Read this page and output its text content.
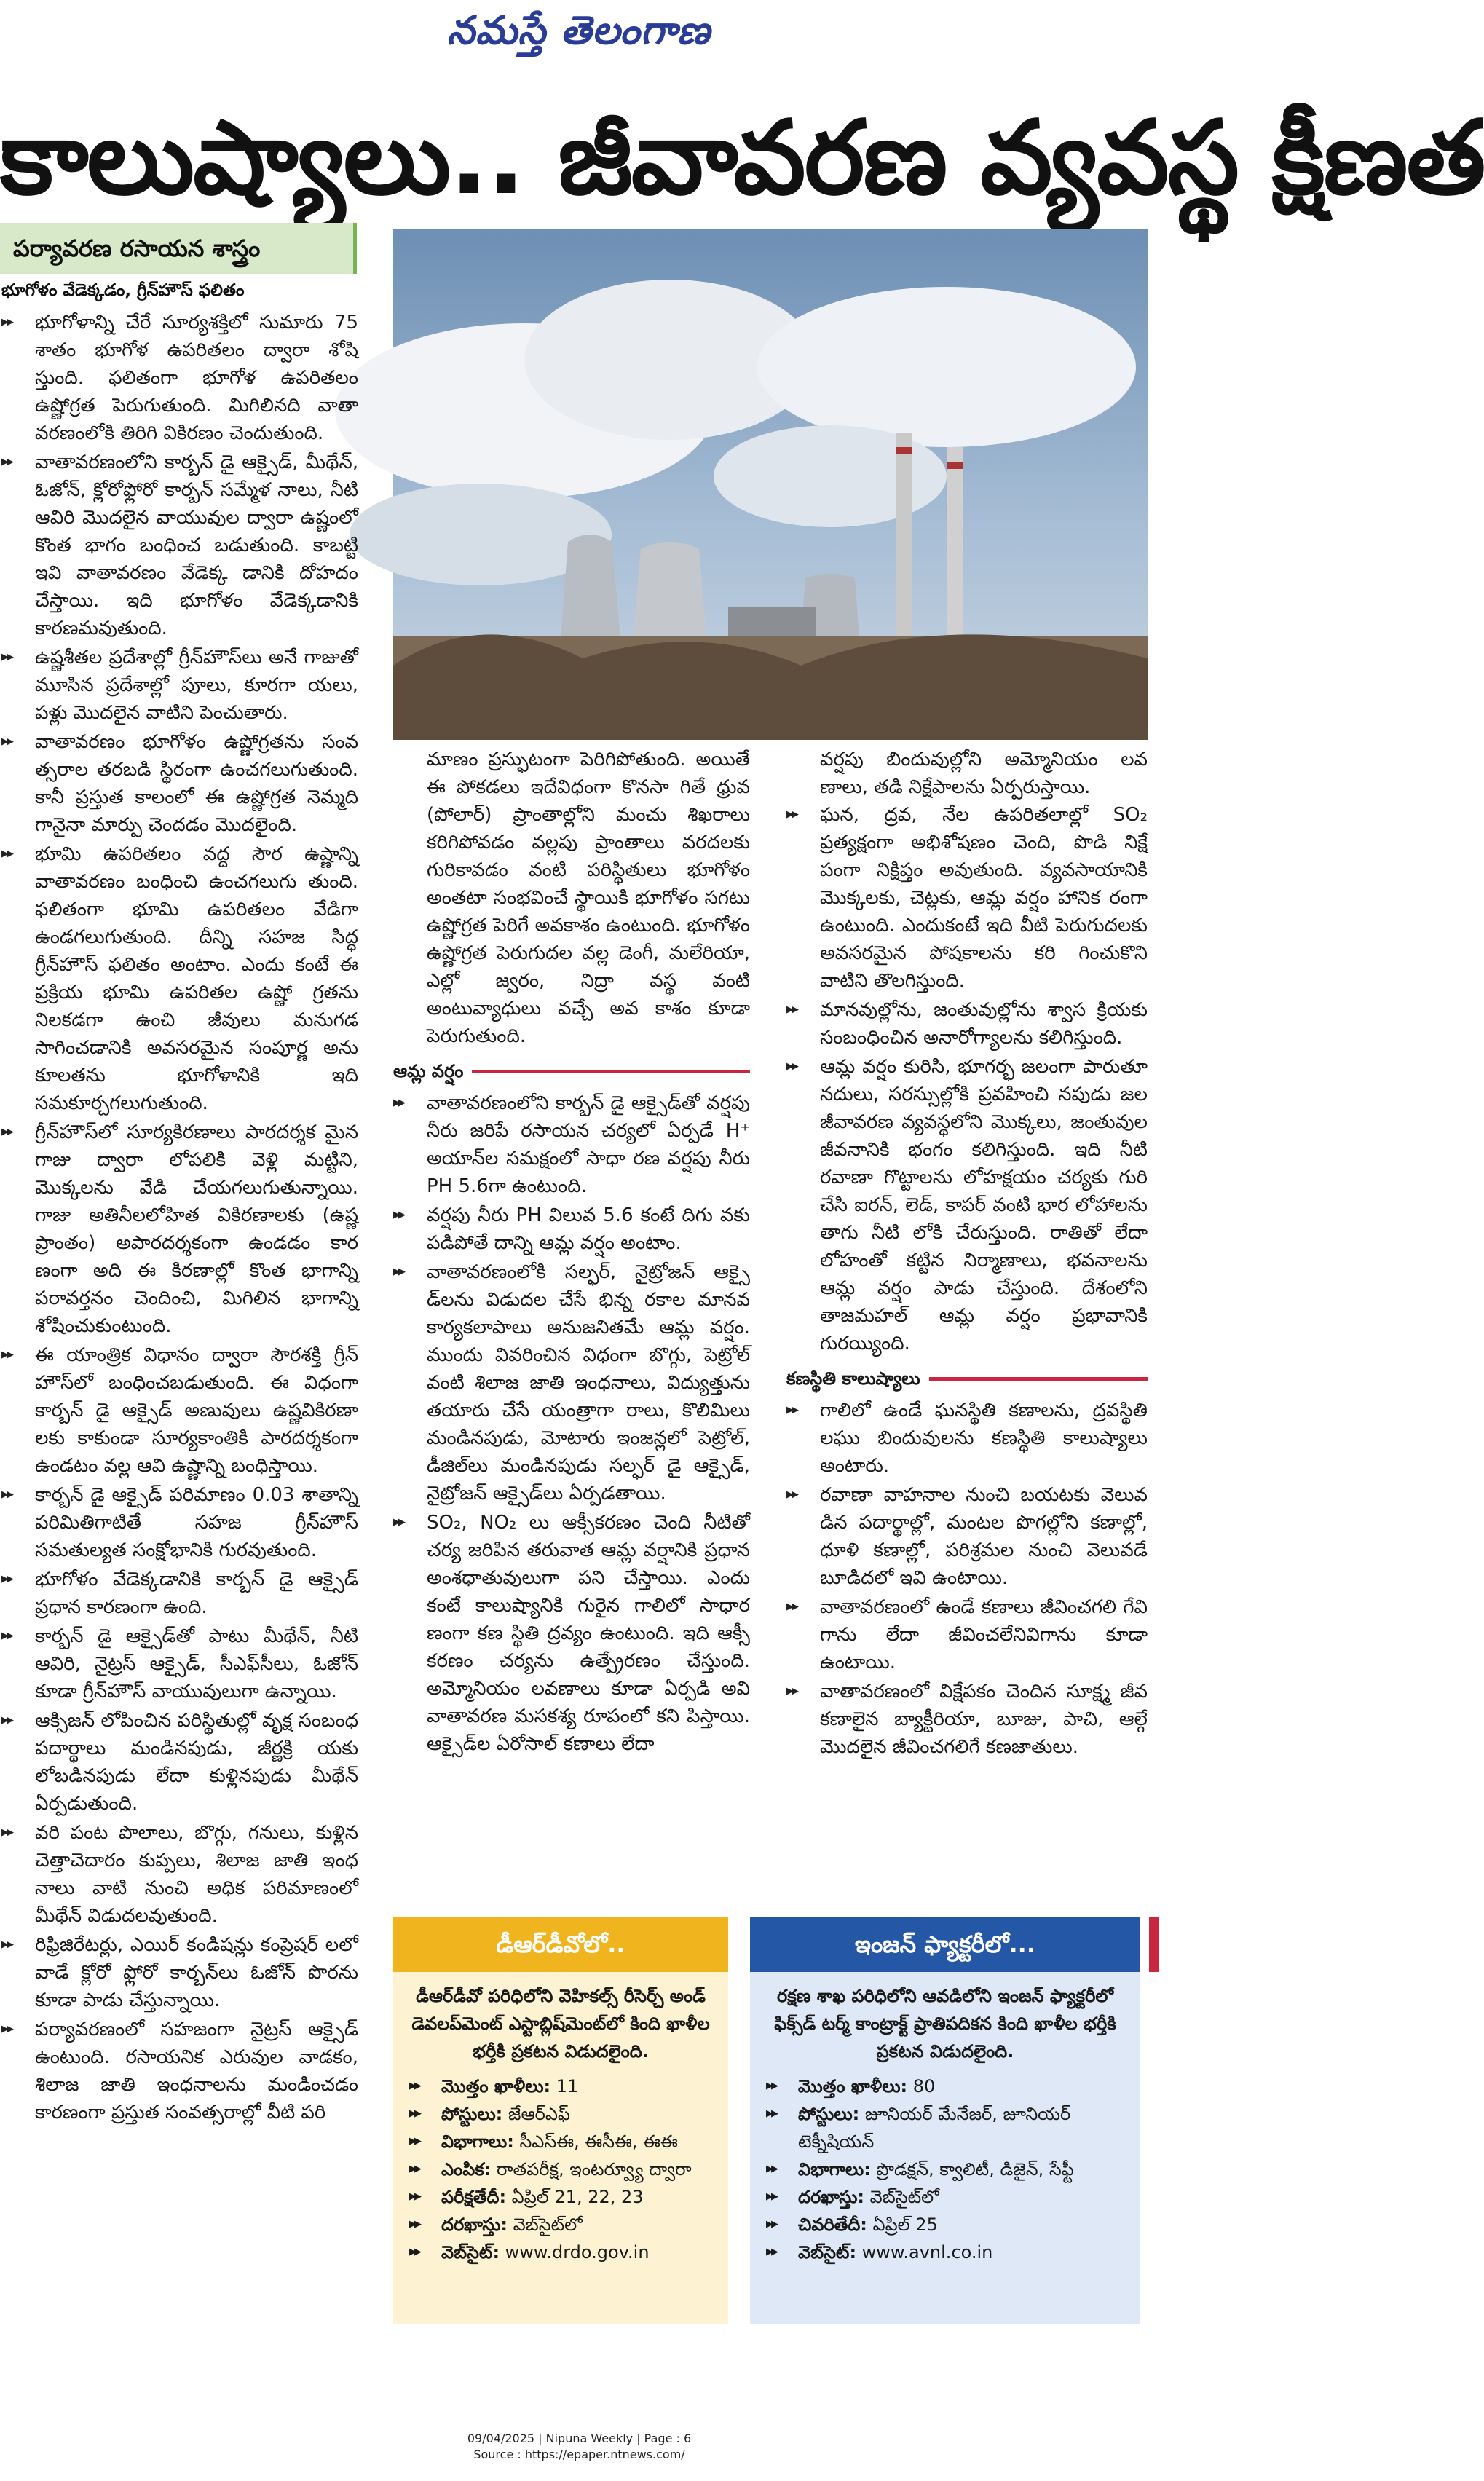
నమస్తే తెలంగాణ
కాలుష్యాలు.. జీవావరణ వ్యవస్థ క్షీణత
పర్యావరణ రసాయన శాస్త్రం
భూగోళం వేడెక్కడం, గ్రీన్‌హౌస్ ఫలితం
▶▶ భూగోళాన్ని చేరే సూర్యశక్తిలో సుమారు 75 శాతం భూగోళ ఉపరితలం ద్వారా శోషి స్తుంది. ఫలితంగా భూగోళ ఉపరితలం ఉష్ణోగ్రత పెరుగుతుంది. మిగిలినది వాతా వరణంలోకి తిరిగి వికిరణం చెందుతుంది.
▶▶ వాతావరణంలోని కార్బన్ డై ఆక్సైడ్, మీథేన్, ఓజోన్, క్లోరోఫ్లోరో కార్బన్ సమ్మేళ నాలు, నీటి ఆవిరి మొదలైన వాయువుల ద్వారా ఉష్ణంలో కొంత భాగం బంధించ బడుతుంది. కాబట్టి ఇవి వాతావరణం వేడెక్క డానికి దోహదం చేస్తాయి. ఇది భూగోళం వేడెక్కడానికి కారణమవుతుంది.
▶▶ ఉష్ణశీతల ప్రదేశాల్లో గ్రీన్‌హౌస్‌లు అనే గాజుతో మూసిన ప్రదేశాల్లో పూలు, కూరగా యలు, పళ్లు మొదలైన వాటిని పెంచుతారు.
▶▶ వాతావరణం భూగోళం ఉష్ణోగ్రతను సంవ త్సరాల తరబడి స్థిరంగా ఉంచగలుగుతుంది. కానీ ప్రస్తుత కాలంలో ఈ ఉష్ణోగ్రత నెమ్మది గానైనా మార్పు చెందడం మొదలైంది.
▶▶ భూమి ఉపరితలం వద్ద సౌర ఉష్ణాన్ని వాతావరణం బంధించి ఉంచగలుగు తుంది. ఫలితంగా భూమి ఉపరితలం వేడిగా ఉండగలుగుతుంది. దీన్ని సహజ సిద్ధ గ్రీన్‌హౌస్ ఫలితం అంటాం. ఎందు కంటే ఈ ప్రక్రియ భూమి ఉపరితల ఉష్ణో గ్రతను నిలకడగా ఉంచి జీవులు మనుగడ సాగించడానికి అవసరమైన సంపూర్ణ అను కూలతను భూగోళానికి ఇది సమకూర్చగలుగుతుంది.
▶▶ గ్రీన్‌హౌస్‌లో సూర్యకిరణాలు పారదర్శక మైన గాజు ద్వారా లోపలికి వెళ్లి మట్టిని, మొక్కలను వేడి చేయగలుగుతున్నాయి. గాజు అతినీలలోహిత వికిరణాలకు (ఉష్ణ ప్రాంతం) అపారదర్శకంగా ఉండడం కార ణంగా అది ఈ కిరణాల్లో కొంత భాగాన్ని పరావర్తనం చెందించి, మిగిలిన భాగాన్ని శోషించుకుంటుంది.
▶▶ ఈ యాంత్రిక విధానం ద్వారా సౌరశక్తి గ్రీన్ హౌస్‌లో బంధించబడుతుంది. ఈ విధంగా కార్బన్ డై ఆక్సైడ్ అణువులు ఉష్ణవికిరణా లకు కాకుండా సూర్యకాంతికి పారదర్శకంగా ఉండటం వల్ల ఆవి ఉష్ణాన్ని బంధిస్తాయి.
▶▶ కార్బన్ డై ఆక్సైడ్ పరిమాణం 0.03 శాతాన్ని పరిమితిగాటితే సహజ గ్రీన్‌హౌస్ సమతుల్యత సంక్షోభానికి గురవుతుంది.
▶▶ భూగోళం వేడెక్కడానికి కార్బన్ డై ఆక్సైడ్ ప్రధాన కారణంగా ఉంది.
▶▶ కార్బన్ డై ఆక్సైడ్‌తో పాటు మీథేన్, నీటి ఆవిరి, నైట్రస్ ఆక్సైడ్, సీఎఫ్‌సీలు, ఓజోన్ కూడా గ్రీన్‌హౌస్ వాయువులుగా ఉన్నాయి.
▶▶ ఆక్సిజన్ లోపించిన పరిస్థితుల్లో వృక్ష సంబంధ పదార్థాలు మండినపుడు, జీర్ణక్రి యకు లోబడినపుడు లేదా కుళ్లినపుడు మీథేన్ ఏర్పడుతుంది.
▶▶ వరి పంట పొలాలు, బొగ్గు, గనులు, కుళ్లిన చెత్తాచెదారం కుప్పలు, శిలాజ జాతి ఇంధ నాలు వాటి నుంచి అధిక పరిమాణంలో మీథేన్ విడుదలవుతుంది.
▶▶ రిఫ్రిజిరేటర్లు, ఎయిర్ కండిషన్లు కంప్రెషర్ లలో వాడే క్లోరో ఫ్లోరో కార్బన్‌లు ఓజోన్ పొరను కూడా పాడు చేస్తున్నాయి.
▶▶ పర్యావరణంలో సహజంగా నైట్రస్ ఆక్సైడ్ ఉంటుంది. రసాయనిక ఎరువుల వాడకం, శిలాజ జాతి ఇంధనాలను మండించడం కారణంగా ప్రస్తుత సంవత్సరాల్లో వీటి పరి

మాణం ప్రస్ఫుటంగా పెరిగిపోతుంది. అయితే ఈ పోకడలు ఇదేవిధంగా కొనసా గితే ధ్రువ (పోలార్) ప్రాంతాల్లోని మంచు శిఖరాలు కరిగిపోవడం వల్లపు ప్రాంతాలు వరదలకు గురికావడం వంటి పరిస్థితులు భూగోళం అంతటా సంభవించే స్థాయికి భూగోళం సగటు ఉష్ణోగ్రత పెరిగే అవకాశం ఉంటుంది. భూగోళం ఉష్ణోగ్రత పెరుగుదల వల్ల డెంగీ, మలేరియా, ఎల్లో జ్వరం, నిద్రా వస్థ వంటి అంటువ్యాధులు వచ్చే అవ కాశం కూడా పెరుగుతుంది.

ఆమ్ల వర్షం
▶▶ వాతావరణంలోని కార్బన్ డై ఆక్సైడ్‌తో వర్షపు నీరు జరిపే రసాయన చర్యలో ఏర్పడే H⁺ అయాన్‌ల సమక్షంలో సాధా రణ వర్షపు నీరు PH 5.6గా ఉంటుంది.
▶▶ వర్షపు నీరు PH విలువ 5.6 కంటే దిగు వకు పడిపోతే దాన్ని ఆమ్ల వర్షం అంటాం.
▶▶ వాతావరణంలోకి సల్ఫర్, నైట్రోజన్ ఆక్సై డ్‌లను విడుదల చేసే భిన్న రకాల మానవ కార్యకలాపాలు అనుజనితమే ఆమ్ల వర్షం. ముందు వివరించిన విధంగా బొగ్గు, పెట్రోల్ వంటి శిలాజ జాతి ఇంధనాలు, విద్యుత్తును తయారు చేసే యంత్రాగా రాలు, కొలిమిలు మండినపుడు, మోటారు ఇంజన్లలో పెట్రోల్, డీజిల్‌లు మండినపుడు సల్ఫర్ డై ఆక్సైడ్, నైట్రోజన్ ఆక్సైడ్‌లు ఏర్పడతాయి.
▶▶ SO₂, NO₂ లు ఆక్సీకరణం చెంది నీటితో చర్య జరిపిన తరువాత ఆమ్ల వర్షానికి ప్రధాన అంశధాతువులుగా పని చేస్తాయి. ఎందు కంటే కాలుష్యానికి గురైన గాలిలో సాధార ణంగా కణ స్థితి ద్రవ్యం ఉంటుంది. ఇది ఆక్సీ కరణం చర్యను ఉత్ప్రేరణం చేస్తుంది. అమ్మోనియం లవణాలు కూడా ఏర్పడి అవి వాతావరణ మసకశ్య రూపంలో కని పిస్తాయి. ఆక్సైడ్‌ల ఏరోసాల్ కణాలు లేదా

వర్షపు బిందువుల్లోని అమ్మోనియం లవ ణాలు, తడి నిక్షేపాలను ఏర్పరుస్తాయి.

▶▶ ఘన, ద్రవ, నేల ఉపరితలాల్లో SO₂ ప్రత్యక్షంగా అభిశోషణం చెంది, పొడి నిక్షే పంగా నిక్షిప్తం అవుతుంది. వ్యవసాయానికి మొక్కలకు, చెట్లకు, ఆమ్ల వర్షం హానిక రంగా ఉంటుంది. ఎందుకంటే ఇది వీటి పెరుగుదలకు అవసరమైన పోషకాలను కరి గించుకొని వాటిని తొలగిస్తుంది.
▶▶ మానవుల్లోను, జంతువుల్లోను శ్వాస క్రియకు సంబంధించిన అనారోగ్యాలను కలిగిస్తుంది.
▶▶ ఆమ్ల వర్షం కురిసి, భూగర్భ జలంగా పారుతూ నదులు, సరస్సుల్లోకి ప్రవహించి నపుడు జల జీవావరణ వ్యవస్థలోని మొక్కలు, జంతువుల జీవనానికి భంగం కలిగిస్తుంది. ఇది నీటి రవాణా గొట్టాలను లోహక్షయం చర్యకు గురి చేసి ఐరన్, లెడ్, కాపర్ వంటి భార లోహాలను తాగు నీటి లోకి చేరుస్తుంది. రాతితో లేదా లోహంతో కట్టిన నిర్మాణాలు, భవనాలను ఆమ్ల వర్షం పాడు చేస్తుంది. దేశంలోని తాజమహల్ ఆమ్ల వర్షం ప్రభావానికి గురయ్యింది.
కణస్థితి కాలుష్యాలు
▶▶ గాలిలో ఉండే ఘనస్థితి కణాలను, ద్రవస్థితి లఘు బిందువులను కణస్థితి కాలుష్యాలు అంటారు.
▶▶ రవాణా వాహనాల నుంచి బయటకు వెలువ డిన పదార్థాల్లో, మంటల పొగల్లోని కణాల్లో, ధూళి కణాల్లో, పరిశ్రమల నుంచి వెలువడే బూడిదలో ఇవి ఉంటాయి.
▶▶ వాతావరణంలో ఉండే కణాలు జీవించగలి గేవి గాను లేదా జీవించలేనివిగాను కూడా ఉంటాయి.
▶▶ వాతావరణంలో విక్షేపకం చెందిన సూక్ష్మ జీవ కణాలైన బ్యాక్టీరియా, బూజు, పాచి, ఆల్గే మొదలైన జీవించగలిగే కణజాతులు.
డీఆర్‌డీవోలో..
డీఆర్‌డీవో పరిధిలోని వెహికల్స్ రీసెర్చ్ అండ్ డెవలప్‌మెంట్ ఎస్టాబ్లిష్‌మెంట్‌లో కింది ఖాళీల భర్తీకి ప్రకటన విడుదలైంది.
▶▶ మొత్తం ఖాళీలు: 11
▶▶ పోస్టులు: జేఆర్‌ఎఫ్
▶▶ విభాగాలు: సీఎస్‌ఈ, ఈసీఈ, ఈఈ
▶▶ ఎంపిక: రాతపరీక్ష, ఇంటర్వ్యూ ద్వారా
▶▶ పరీక్షతేదీ: ఏప్రిల్ 21, 22, 23
▶▶ దరఖాస్తు: వెబ్‌సైట్‌లో
▶▶ వెబ్‌సైట్: www.drdo.gov.in
ఇంజన్ ఫ్యాక్టరీలో...
రక్షణ శాఖ పరిధిలోని ఆవడిలోని ఇంజన్ ఫ్యాక్టరీలో ఫిక్స్‌డ్ టర్మ్ కాంట్రాక్ట్ ప్రాతిపదికన కింది ఖాళీల భర్తీకి ప్రకటన విడుదలైంది.
▶▶ మొత్తం ఖాళీలు: 80
▶▶ పోస్టులు: జూనియర్ మేనేజర్, జూనియర్ టెక్నీషియన్
▶▶ విభాగాలు: ప్రొడక్షన్, క్వాలిటీ, డిజైన్, సేఫ్టీ
▶▶ దరఖాస్తు: వెబ్‌సైట్‌లో
▶▶ చివరితేదీ: ఏప్రిల్ 25
▶▶ వెబ్‌సైట్: www.avnl.co.in
09/04/2025 | Nipuna Weekly | Page : 6
Source : https://epaper.ntnews.com/
